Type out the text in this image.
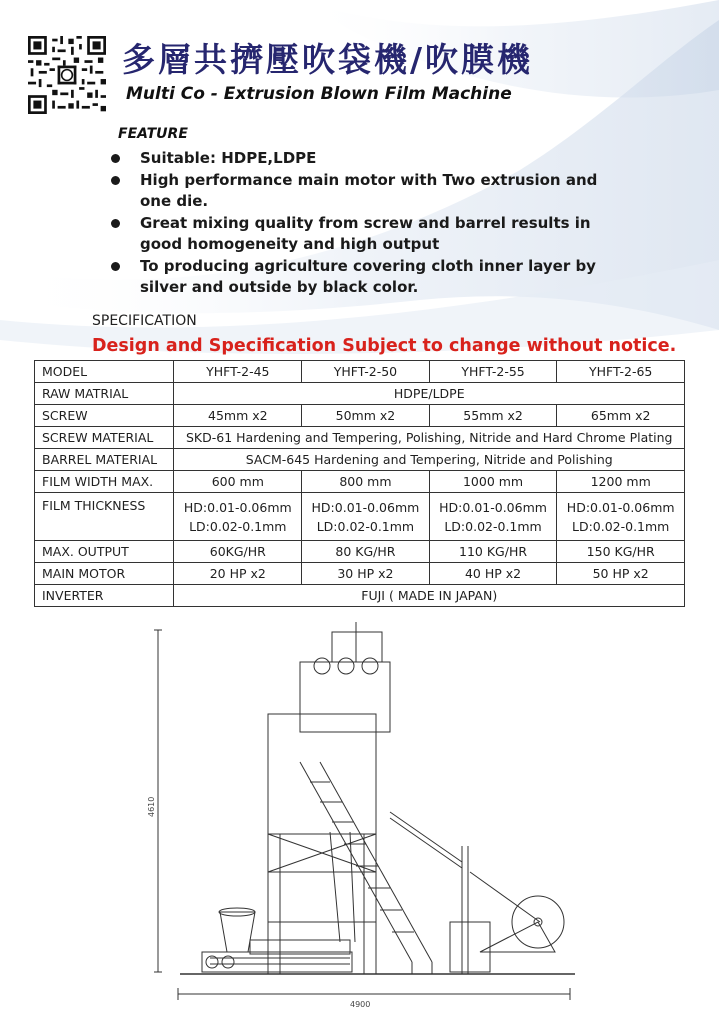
多層共擠壓吹袋機/吹膜機
Multi Co - Extrusion Blown Film Machine
FEATURE
Suitable: HDPE,LDPE
High performance main motor with Two extrusion and
one die.
Great mixing quality from screw and barrel results in
good homogeneity and high output
To producing agriculture covering cloth inner layer by
silver and outside by black color.
SPECIFICATION
Design and Specification Subject to change without notice.
MODEL	YHFT-2-45	YHFT-2-50	YHFT-2-55	YHFT-2-65
RAW MATRIAL	HDPE/LDPE			
SCREW	45mm x2	50mm x2	55mm x2	65mm x2
SCREW MATERIAL	SKD-61 Hardening and Tempering, Polishing, Nitride and Hard Chrome Plating			
BARREL MATERIAL	SACM-645 Hardening and Tempering, Nitride and Polishing			
FILM WIDTH MAX.	600 mm	800 mm	1000 mm	1200 mm
FILM THICKNESS	HD:0.01-0.06mm
LD:0.02-0.1mm	HD:0.01-0.06mm
LD:0.02-0.1mm	HD:0.01-0.06mm
LD:0.02-0.1mm	HD:0.01-0.06mm
LD:0.02-0.1mm

MAX. OUTPUT	60KG/HR	80 KG/HR	110 KG/HR	150 KG/HR
MAIN MOTOR	20 HP x2	30 HP x2	40 HP x2	50 HP x2
INVERTER	FUJI ( MADE IN JAPAN)			
4610
4900
